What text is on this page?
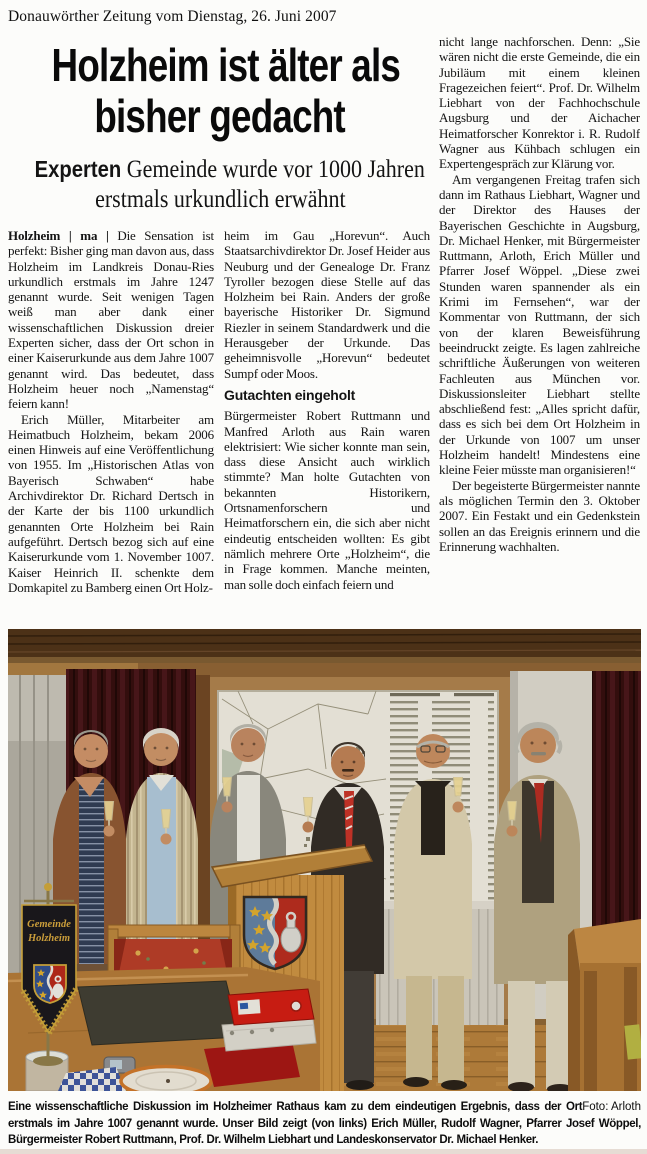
Donauwörther Zeitung vom Dienstag, 26. Juni 2007
Holzheim ist älter als
bisher gedacht
Experten Gemeinde wurde vor 1000 Jahren
erstmals urkundlich erwähnt

Holzheim | ma | Die Sensation ist perfekt: Bisher ging man davon aus, dass Holzheim im Landkreis Donau-Ries urkundlich erstmals im Jahre 1247 genannt wurde. Seit wenigen Tagen weiß man aber dank einer wissenschaftlichen Diskussion dreier Experten sicher, dass der Ort schon in einer Kaiserurkunde aus dem Jahre 1007 genannt wird. Das bedeutet, dass Holzheim heuer noch „Namenstag“ feiern kann!

Erich Müller, Mitarbeiter am Heimatbuch Holzheim, bekam 2006 einen Hinweis auf eine Veröffentlichung von 1955. Im „Historischen Atlas von Bayerisch Schwaben“ habe Archivdirektor Dr. Richard Dertsch in der Karte der bis 1100 urkundlich genannten Orte Holzheim bei Rain aufgeführt. Dertsch bezog sich auf eine Kaiserurkunde vom 1. November 1007. Kaiser Heinrich II. schenkte dem Domkapitel zu Bamberg einen Ort Holz-

heim im Gau „Horevun“. Auch Staatsarchivdirektor Dr. Josef Heider aus Neuburg und der Genealoge Dr. Franz Tyroller bezogen diese Stelle auf das Holzheim bei Rain. Anders der große bayerische Historiker Dr. Sigmund Riezler in seinem Standardwerk und die Herausgeber der Urkunde. Das geheimnisvolle „Horevun“ bedeutet Sumpf oder Moos.

Gutachten eingeholt

Bürgermeister Robert Ruttmann und Manfred Arloth aus Rain waren elektrisiert: Wie sicher konnte man sein, dass diese Ansicht auch wirklich stimmte? Man holte Gutachten von bekannten Historikern, Ortsnamenforschern und Heimatforschern ein, die sich aber nicht eindeutig entscheiden wollten: Es gibt nämlich mehrere Orte „Holzheim“, die in Frage kommen. Manche meinten, man solle doch einfach feiern und

nicht lange nachforschen. Denn: „Sie wären nicht die erste Gemeinde, die ein Jubiläum mit einem kleinen Fragezeichen feiert“. Prof. Dr. Wilhelm Liebhart von der Fachhochschule Augsburg und der Aichacher Heimatforscher Konrektor i. R. Rudolf Wagner aus Kühbach schlugen ein Expertengespräch zur Klärung vor.

Am vergangenen Freitag trafen sich dann im Rathaus Liebhart, Wagner und der Direktor des Hauses der Bayerischen Geschichte in Augsburg, Dr. Michael Henker, mit Bürgermeister Ruttmann, Arloth, Erich Müller und Pfarrer Josef Wöppel. „Diese zwei Stunden waren spannender als ein Krimi im Fernsehen“, war der Kommentar von Ruttmann, der sich von der klaren Beweisführung beeindruckt zeigte. Es lagen zahlreiche schriftliche Äußerungen von weiteren Fachleuten aus München vor. Diskussionsleiter Liebhart stellte abschließend fest: „Alles spricht dafür, dass es sich bei dem Ort Holzheim in der Urkunde von 1007 um unser Holzheim handelt! Mindestens eine kleine Feier müsste man organisieren!“

Der begeisterte Bürgermeister nannte als möglichen Termin den 3. Oktober 2007. Ein Festakt und ein Gedenkstein sollen an das Ereignis erinnern und die Erinnerung wachhalten.

Gemeinde
Holzheim
Foto: Arloth
Eine wissenschaftliche Diskussion im Holzheimer Rathaus kam zu dem eindeutigen Ergebnis, dass der Ort erstmals im Jahre 1007 genannt wurde. Unser Bild zeigt (von links) Erich Müller, Rudolf Wagner, Pfarrer Josef Wöppel, Bürgermeister Robert Ruttmann, Prof. Dr. Wilhelm Liebhart und Landeskonservator Dr. Michael Henker.
